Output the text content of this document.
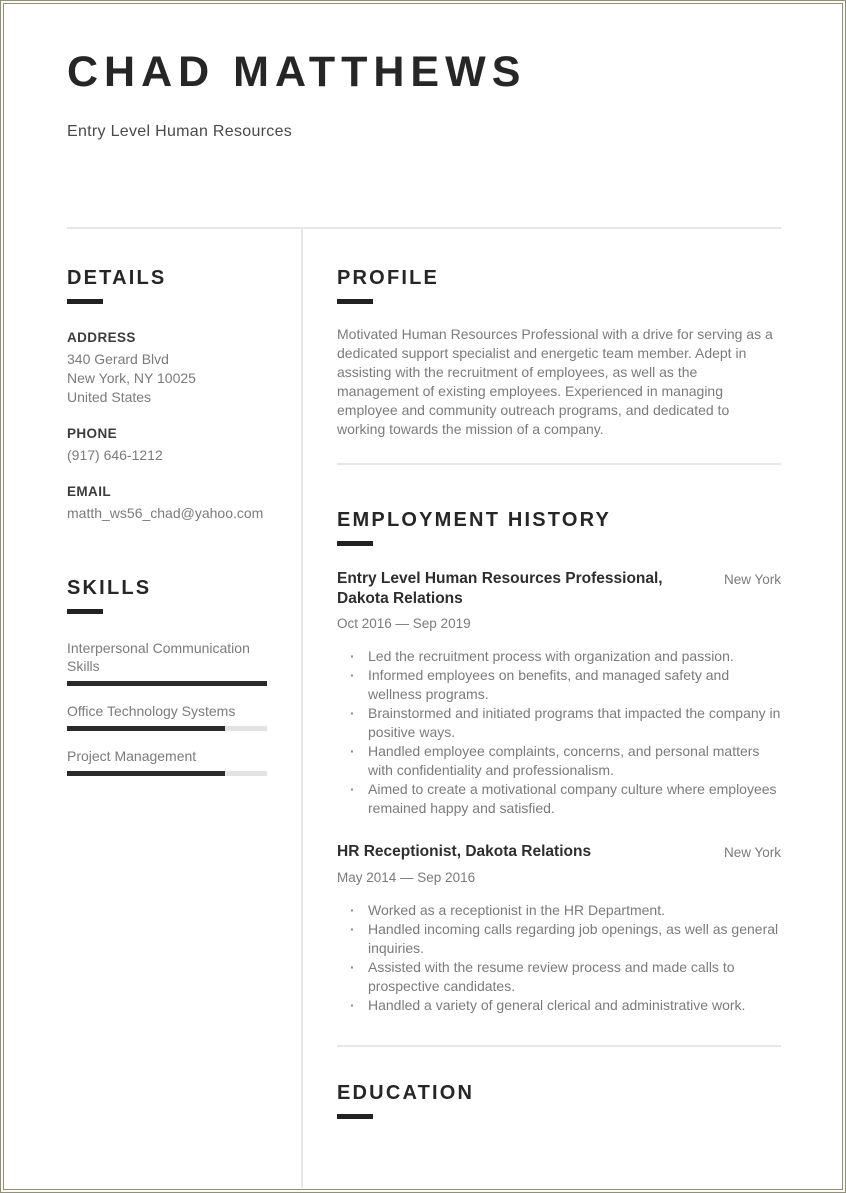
CHAD MATTHEWS
Entry Level Human Resources
DETAILS
ADDRESS
340 Gerard Blvd
New York, NY 10025
United States
PHONE
(917) 646-1212
EMAIL
matth_ws56_chad@yahoo.com
SKILLS
Interpersonal Communication Skills
Office Technology Systems
Project Management
PROFILE

Motivated Human Resources Professional with a drive for serving as a dedicated support specialist and energetic team member. Adept in assisting with the recruitment of employees, as well as the management of existing employees. Experienced in managing employee and community outreach programs, and dedicated to working towards the mission of a company.

EMPLOYMENT HISTORY
Entry Level Human Resources Professional, Dakota Relations
New York
Oct 2016 — Sep 2019
· Led the recruitment process with organization and passion.
· Informed employees on benefits, and managed safety and wellness programs.
· Brainstormed and initiated programs that impacted the company in positive ways.
· Handled employee complaints, concerns, and personal matters with confidentiality and professionalism.
· Aimed to create a motivational company culture where employees remained happy and satisfied.
HR Receptionist, Dakota Relations	New York
May 2014 — Sep 2016
· Worked as a receptionist in the HR Department.
· Handled incoming calls regarding job openings, as well as general inquiries.
· Assisted with the resume review process and made calls to prospective candidates.
· Handled a variety of general clerical and administrative work.
EDUCATION
